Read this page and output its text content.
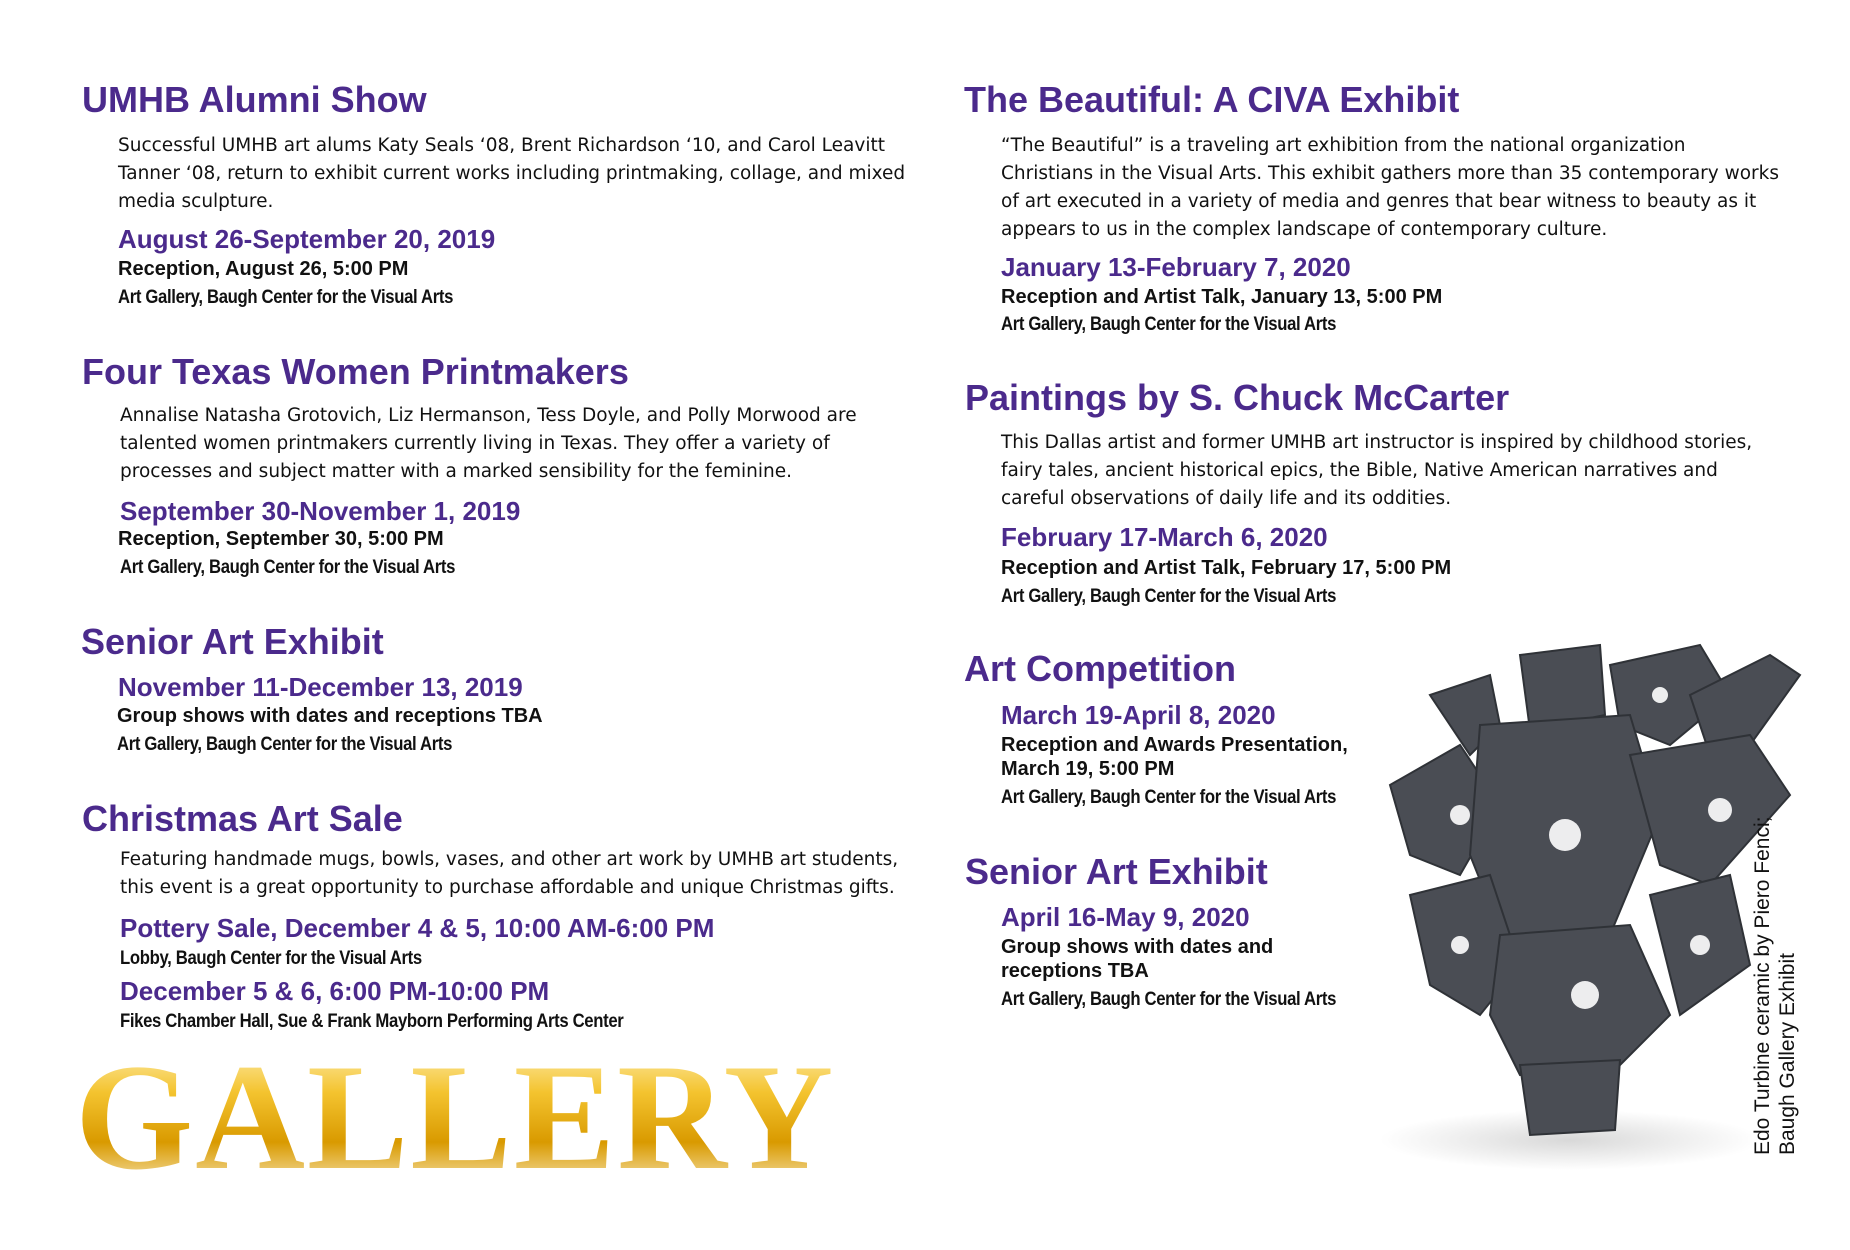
UMHB Alumni Show

Successful UMHB art alums Katy Seals ‘08, Brent Richardson ‘10, and Carol Leavitt Tanner ‘08, return to exhibit current works including printmaking, collage, and mixed media sculpture.

August 26-September 20, 2019

Reception, August 26, 5:00 PM

Art Gallery, Baugh Center for the Visual Arts

Four Texas Women Printmakers

Annalise Natasha Grotovich, Liz Hermanson, Tess Doyle, and Polly Morwood are talented women printmakers currently living in Texas. They offer a variety of processes and subject matter with a marked sensibility for the feminine.

September 30-November 1, 2019

Reception, September 30, 5:00 PM

Art Gallery, Baugh Center for the Visual Arts

Senior Art Exhibit

November 11-December 13, 2019

Group shows with dates and receptions TBA

Art Gallery, Baugh Center for the Visual Arts

Christmas Art Sale

Featuring handmade mugs, bowls, vases, and other art work by UMHB art students, this event is a great opportunity to purchase affordable and unique Christmas gifts.

Pottery Sale, December 4 & 5, 10:00 AM-6:00 PM

Lobby, Baugh Center for the Visual Arts

December 5 & 6, 6:00 PM-10:00 PM

Fikes Chamber Hall, Sue & Frank Mayborn Performing Arts Center

GALLERY
The Beautiful: A CIVA Exhibit

“The Beautiful” is a traveling art exhibition from the national organization Christians in the Visual Arts. This exhibit gathers more than 35 contemporary works of art executed in a variety of media and genres that bear witness to beauty as it appears to us in the complex landscape of contemporary culture.

January 13-February 7, 2020

Reception and Artist Talk, January 13, 5:00 PM

Art Gallery, Baugh Center for the Visual Arts

Paintings by S. Chuck McCarter

This Dallas artist and former UMHB art instructor is inspired by childhood stories, fairy tales, ancient historical epics, the Bible, Native American narratives and careful observations of daily life and its oddities.

February 17-March 6, 2020

Reception and Artist Talk, February 17, 5:00 PM

Art Gallery, Baugh Center for the Visual Arts

Art Competition

March 19-April 8, 2020

Reception and Awards Presentation,

March 19, 5:00 PM

Art Gallery, Baugh Center for the Visual Arts

Senior Art Exhibit

April 16-May 9, 2020

Group shows with dates and

receptions TBA

Art Gallery, Baugh Center for the Visual Arts	Edo Turbine ceramic by Piero Fenci; Baugh Gallery Exhibit
